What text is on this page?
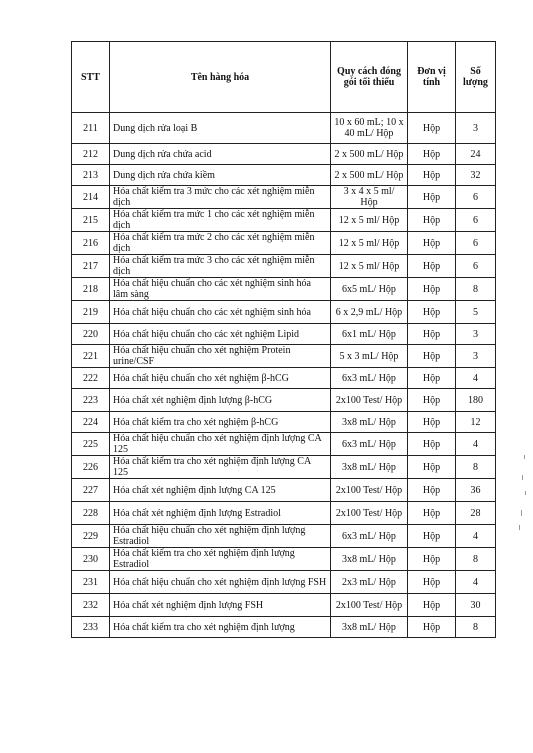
STT	Tên hàng hóa	Quy cách đóng gói tối thiểu	Đơn vị tính	Số lượng
211	Dung dịch rửa loại B	10 x 60 mL; 10 x 40 mL/ Hộp	Hộp	3
212	Dung dịch rửa chứa acid	2 x 500 mL/ Hộp	Hộp	24
213	Dung dịch rửa chứa kiềm	2 x 500 mL/ Hộp	Hộp	32
214	Hóa chất kiểm tra 3 mức cho các xét nghiệm miễn dịch	3 x 4 x 5 ml/ Hộp	Hộp	6
215	Hóa chất kiểm tra mức 1 cho các xét nghiệm miễn dịch	12 x 5 ml/ Hộp	Hộp	6
216	Hóa chất kiểm tra mức 2 cho các xét nghiệm miễn dịch	12 x 5 ml/ Hộp	Hộp	6
217	Hóa chất kiểm tra mức 3 cho các xét nghiệm miễn dịch	12 x 5 ml/ Hộp	Hộp	6
218	Hóa chất hiệu chuẩn cho các xét nghiệm sinh hóa lâm sàng	6x5 mL/ Hộp	Hộp	8
219	Hóa chất hiệu chuẩn cho các xét nghiệm sinh hóa	6 x 2,9 mL/ Hộp	Hộp	5
220	Hóa chất hiệu chuẩn cho các xét nghiệm Lipid	6x1 mL/ Hộp	Hộp	3
221	Hóa chất hiệu chuẩn cho xét nghiệm Protein urine/CSF	5 x 3 mL/ Hộp	Hộp	3
222	Hóa chất hiệu chuẩn cho xét nghiệm β-hCG	6x3 mL/ Hộp	Hộp	4
223	Hóa chất xét nghiệm định lượng β-hCG	2x100 Test/ Hộp	Hộp	180
224	Hóa chất kiểm tra cho xét nghiệm β-hCG	3x8 mL/ Hộp	Hộp	12
225	Hóa chất hiệu chuẩn cho xét nghiệm định lượng CA 125	6x3 mL/ Hộp	Hộp	4
226	Hóa chất kiểm tra cho xét nghiệm định lượng CA 125	3x8 mL/ Hộp	Hộp	8
227	Hóa chất xét nghiệm định lượng CA 125	2x100 Test/ Hộp	Hộp	36
228	Hóa chất xét nghiệm định lượng Estradiol	2x100 Test/ Hộp	Hộp	28
229	Hóa chất hiệu chuẩn cho xét nghiệm định lượng Estradiol	6x3 mL/ Hộp	Hộp	4
230	Hóa chất kiểm tra cho xét nghiệm định lượng Estradiol	3x8 mL/ Hộp	Hộp	8
231	Hóa chất hiệu chuẩn cho xét nghiệm định lượng FSH	2x3 mL/ Hộp	Hộp	4
232	Hóa chất xét nghiệm định lượng FSH	2x100 Test/ Hộp	Hộp	30
233	Hóa chất kiểm tra cho xét nghiệm định lượng	3x8 mL/ Hộp	Hộp	8
